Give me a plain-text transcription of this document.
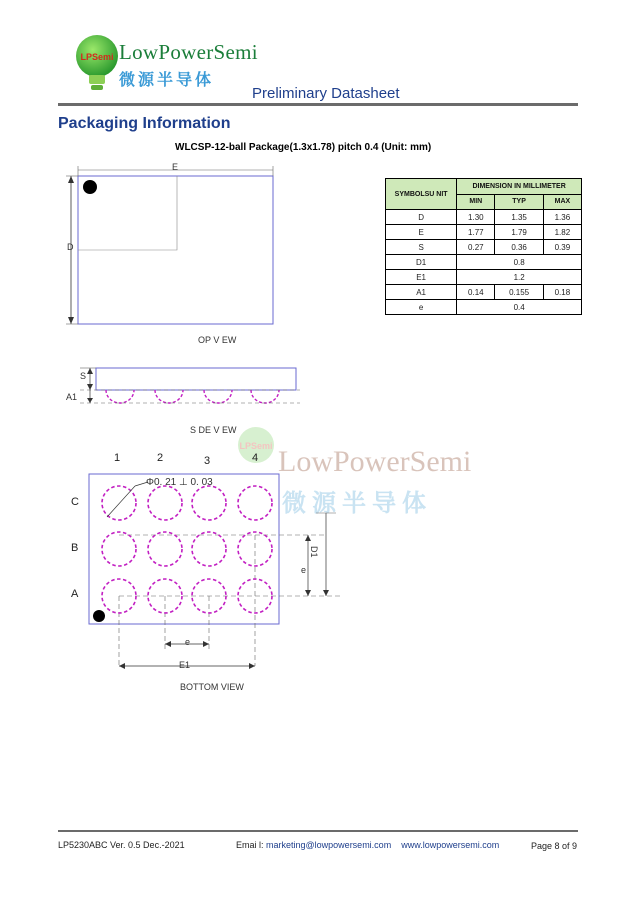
LPSemi LowPowerSemi
微源半导体
Preliminary Datasheet
Packaging Information
WLCSP-12-ball Package(1.3x1.78) pitch 0.4 (Unit: mm)
LPSemi LowPowerSemi
微源半导体
E
D
OP V EW
S
A1
S DE V EW
1	2	3	4
C
B
A
Φ0. 21 ⊥ 0. 03
e
E1
e
D1
BOTTOM VIEW
SYMBOLSU NIT	DIMENSION IN MILLIMETER		
	MIN	TYP	MAX
D	1.30	1.35	1.36
E	1.77	1.79	1.82
S	0.27	0.36	0.39
D1	0.8		
E1	1.2		
A1	0.14	0.155	0.18
e	0.4		
LP5230ABC Ver. 0.5 Dec.-2021	Emai l: marketing@lowpowersemi.com www.lowpowersemi.com	Page 8 of 9
